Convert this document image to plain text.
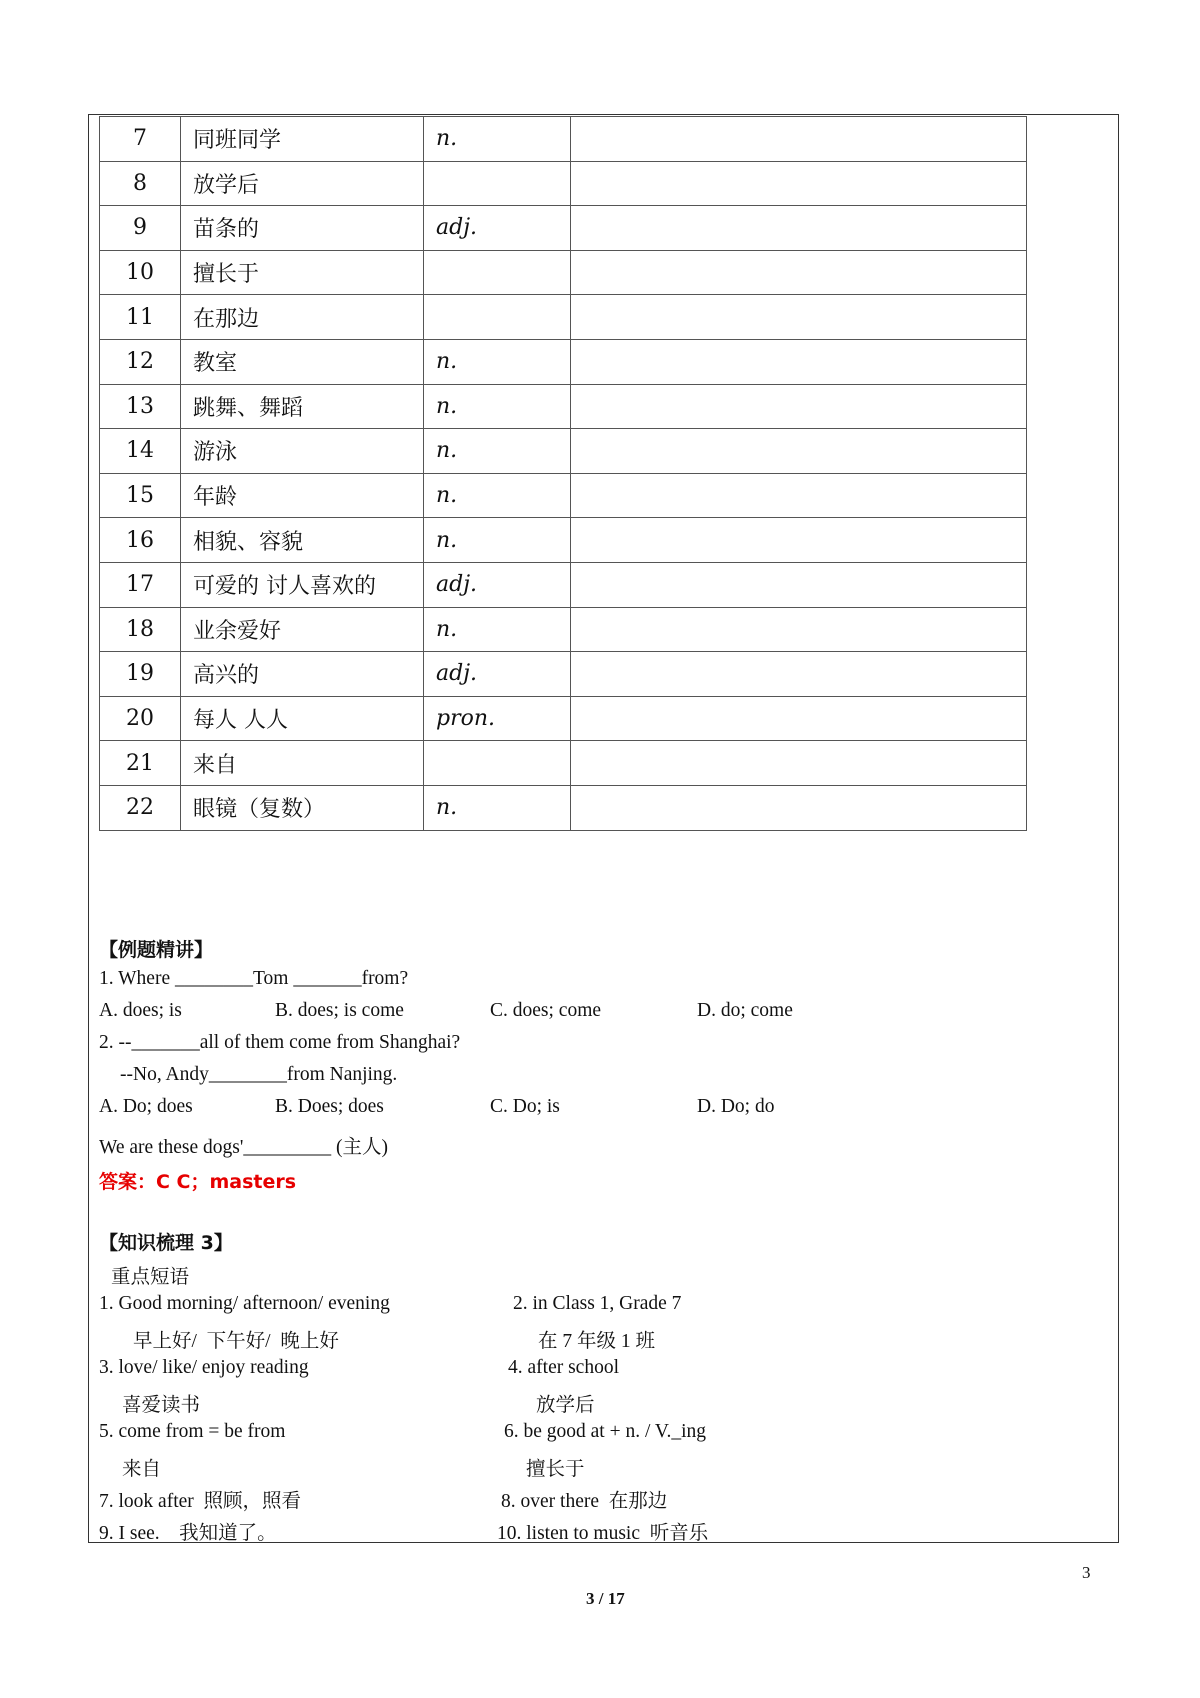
7	同班同学	n.	
8	放学后		
9	苗条的	adj.	
10	擅长于		
11	在那边		
12	教室	n.	
13	跳舞、舞蹈	n.	
14	游泳	n.	
15	年龄	n.	
16	相貌、容貌	n.	
17	可爱的 讨人喜欢的	adj.	
18	业余爱好	n.	
19	高兴的	adj.	
20	每人 人人	pron.	
21	来自		
22	眼镜（复数）	n.	
【例题精讲】
1. Where ________Tom _______from?
A. does; is	B. does; is come	C. does; come	D. do; come
2. --_______all of them come from Shanghai?
--No, Andy________from Nanjing.
A. Do; does	B. Does; does	C. Do; is	D. Do; do
We are these dogs'_________ (主人)
答案：C C；masters
【知识梳理 3】
重点短语
1. Good morning/ afternoon/ evening
早上好/  下午好/  晚上好
2. in Class 1, Grade 7
在 7 年级 1 班
3. love/ like/ enjoy reading
喜爱读书
4. after school
放学后
5. come from = be from
来自
6. be good at + n. / V._ing
擅长于
7. look after  照顾，照看	8. over there  在那边
9. I see.    我知道了。	10. listen to music  听音乐
3
3 / 17
